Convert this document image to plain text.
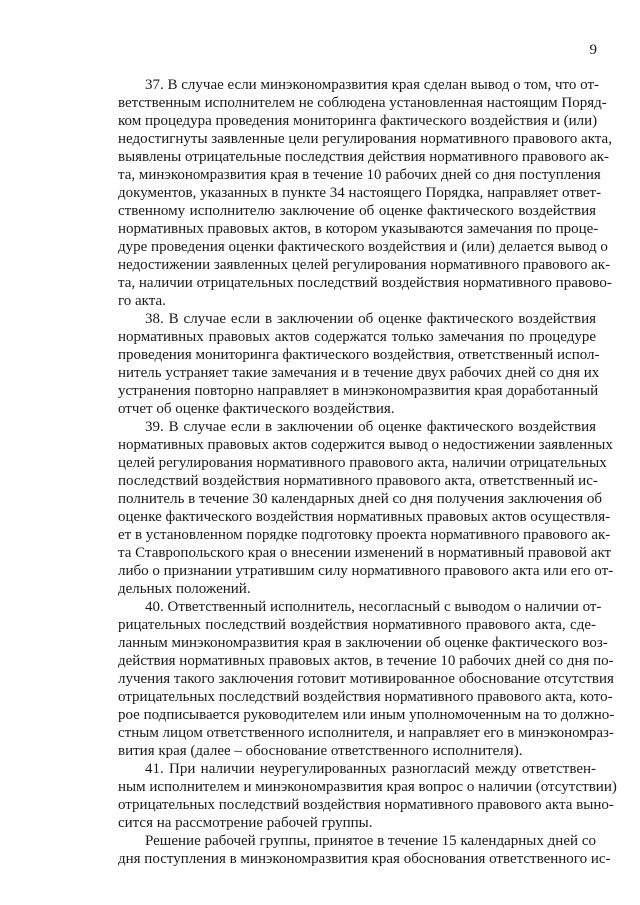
9
37. В случае если минэкономразвития края сделан вывод о том, что от-
ветственным исполнителем не соблюдена установленная настоящим Поряд-
ком процедура проведения мониторинга фактического воздействия и (или)
недостигнуты заявленные цели регулирования нормативного правового акта,
выявлены отрицательные последствия действия нормативного правового ак-
та, минэкономразвития края в течение 10 рабочих дней со дня поступления
документов, указанных в пункте 34 настоящего Порядка, направляет ответ-
ственному исполнителю заключение об оценке фактического воздействия
нормативных правовых актов, в котором указываются замечания по проце-
дуре проведения оценки фактического воздействия и (или) делается вывод о
недостижении заявленных целей регулирования нормативного правового ак-
та, наличии отрицательных последствий воздействия нормативного правово-
го акта.
38. В случае если в заключении об оценке фактического воздействия
нормативных правовых актов содержатся только замечания по процедуре
проведения мониторинга фактического воздействия, ответственный испол-
нитель устраняет такие замечания и в течение двух рабочих дней со дня их
устранения повторно направляет в минэкономразвития края доработанный
отчет об оценке фактического воздействия.
39. В случае если в заключении об оценке фактического воздействия
нормативных правовых актов содержится вывод о недостижении заявленных
целей регулирования нормативного правового акта, наличии отрицательных
последствий воздействия нормативного правового акта, ответственный ис-
полнитель в течение 30 календарных дней со дня получения заключения об
оценке фактического воздействия нормативных правовых актов осуществля-
ет в установленном порядке подготовку проекта нормативного правового ак-
та Ставропольского края о внесении изменений в нормативный правовой акт
либо о признании утратившим силу нормативного правового акта или его от-
дельных положений.
40. Ответственный исполнитель, несогласный с выводом о наличии от-
рицательных последствий воздействия нормативного правового акта, сде-
ланным минэкономразвития края в заключении об оценке фактического воз-
действия нормативных правовых актов, в течение 10 рабочих дней со дня по-
лучения такого заключения готовит мотивированное обоснование отсутствия
отрицательных последствий воздействия нормативного правового акта, кото-
рое подписывается руководителем или иным уполномоченным на то должно-
стным лицом ответственного исполнителя, и направляет его в минэкономраз-
вития края (далее – обоснование ответственного исполнителя).
41. При наличии неурегулированных разногласий между ответствен-
ным исполнителем и минэкономразвития края вопрос о наличии (отсутствии)
отрицательных последствий воздействия нормативного правового акта выно-
сится на рассмотрение рабочей группы.
Решение рабочей группы, принятое в течение 15 календарных дней со
дня поступления в минэкономразвития края обоснования ответственного ис-
